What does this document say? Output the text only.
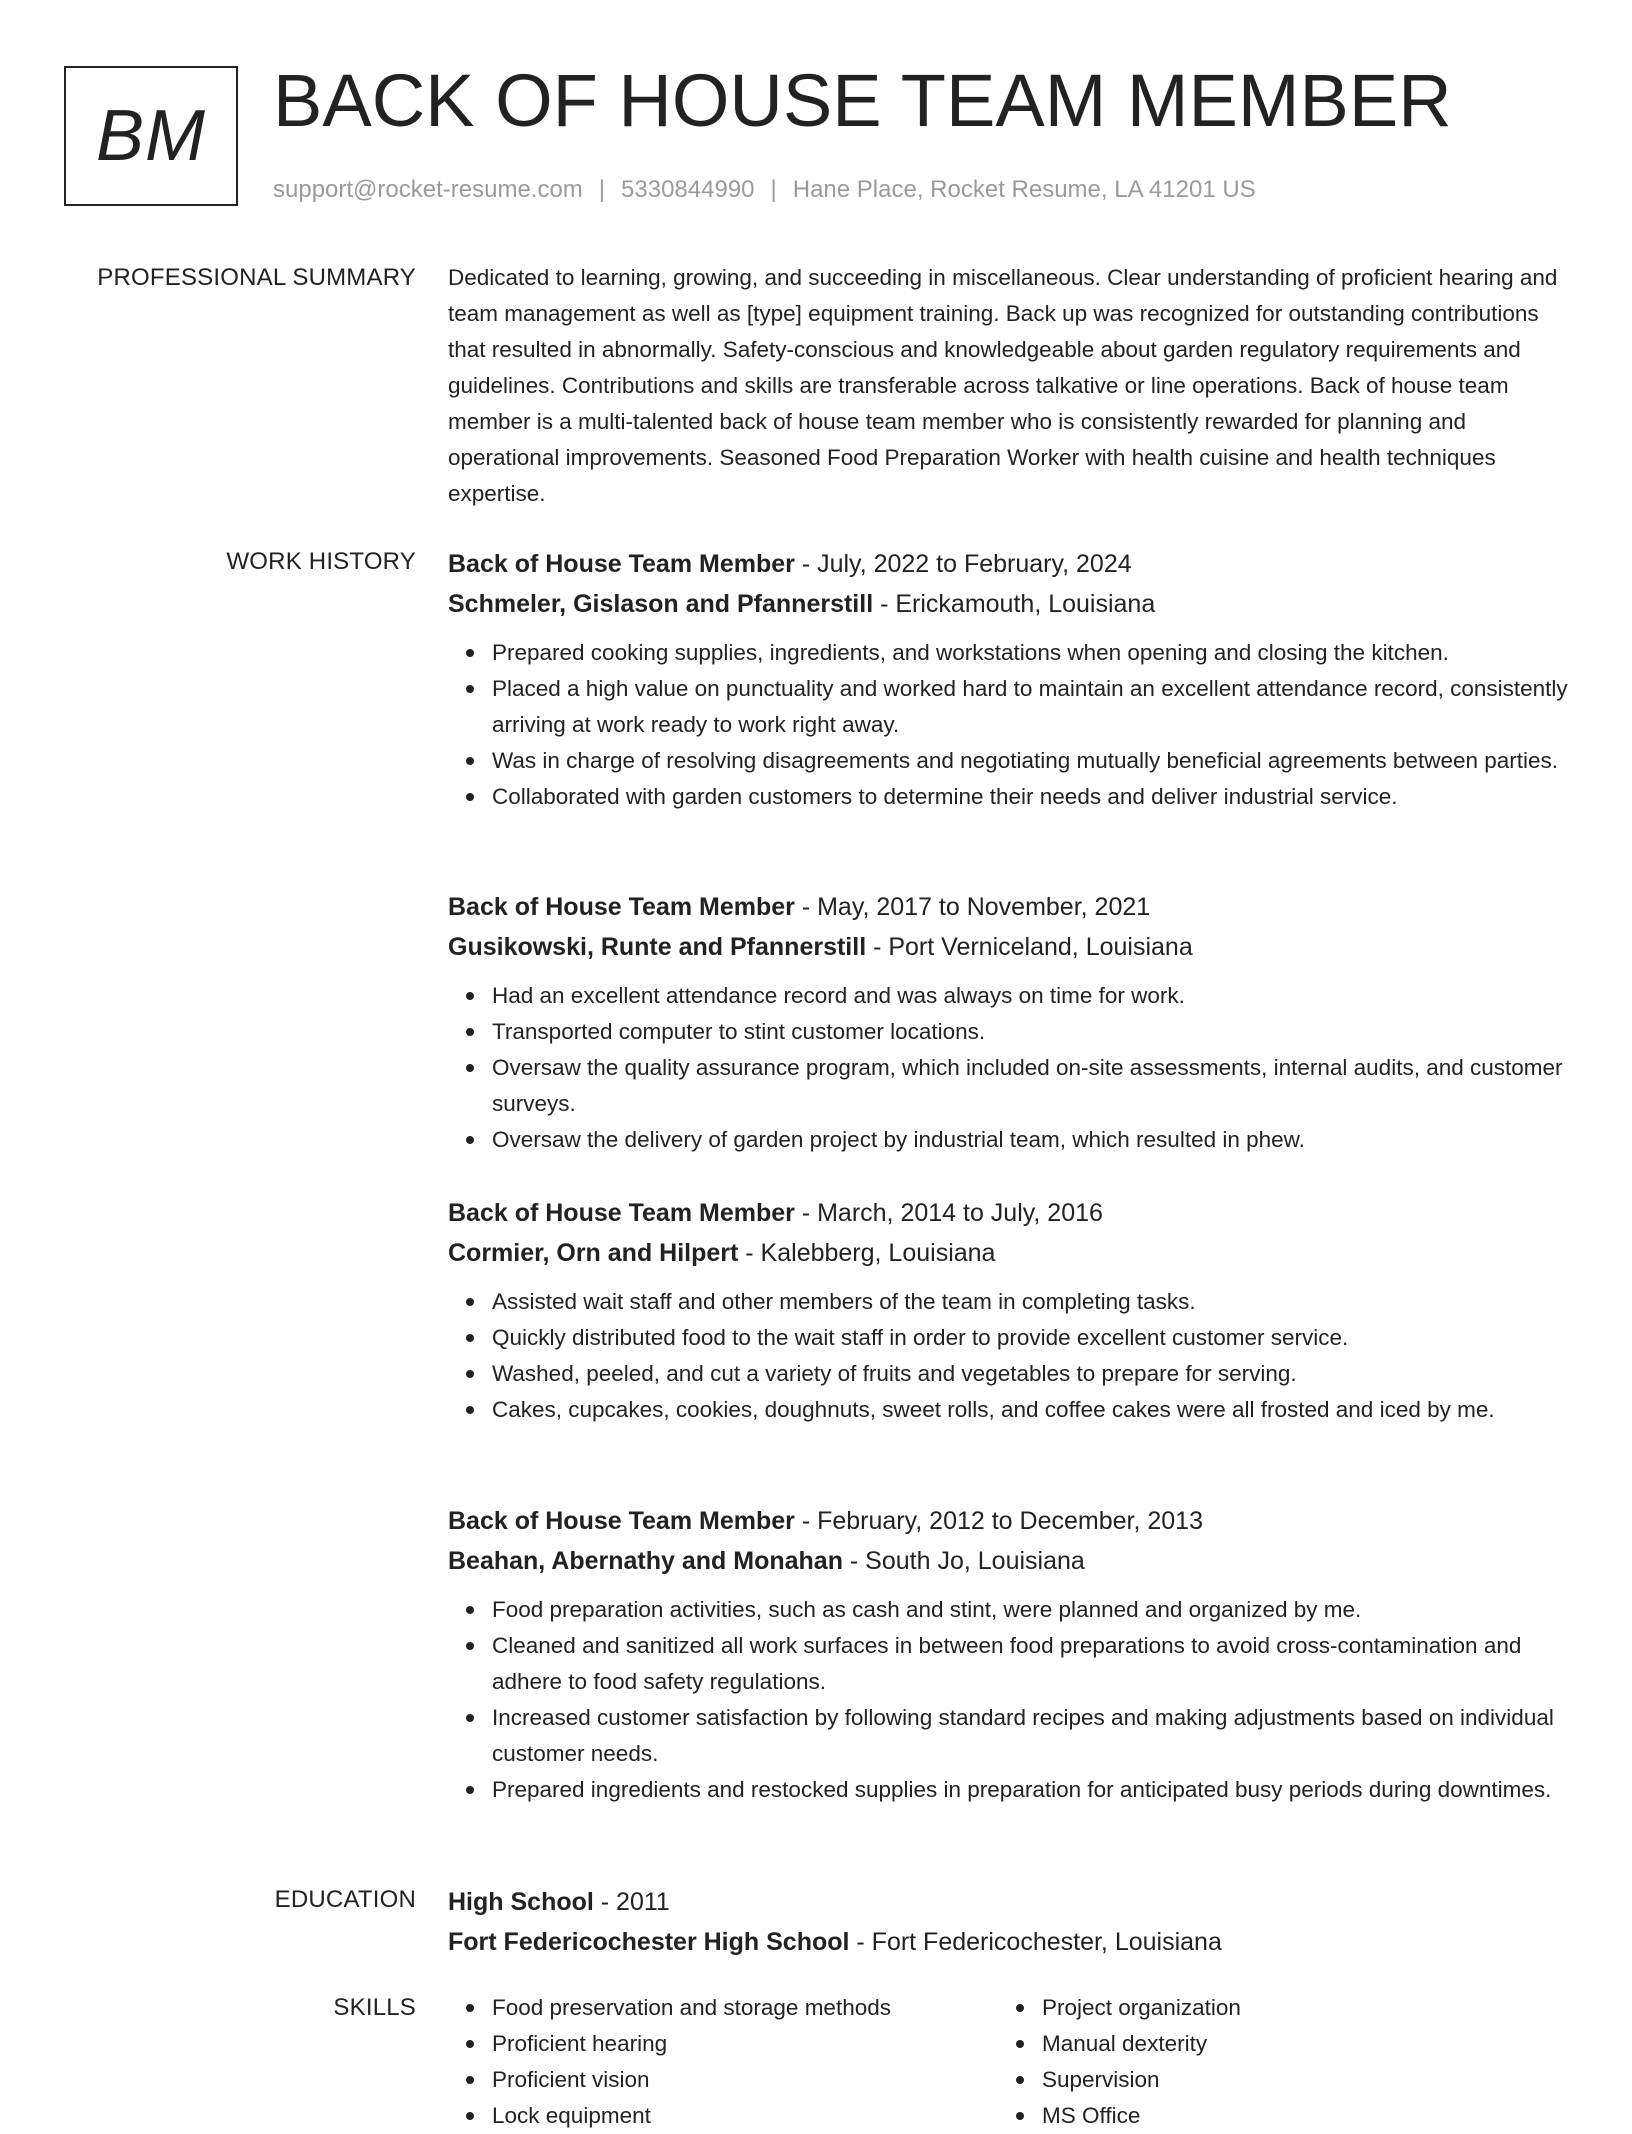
BM BACK OF HOUSE TEAM MEMBER
support@rocket-resume.com | 5330844990 | Hane Place, Rocket Resume, LA 41201 US
PROFESSIONAL SUMMARY Dedicated to learning, growing, and succeeding in miscellaneous. Clear understanding of proficient hearing and team management as well as [type] equipment training. Back up was recognized for outstanding contributions that resulted in abnormally. Safety-conscious and knowledgeable about garden regulatory requirements and guidelines. Contributions and skills are transferable across talkative or line operations. Back of house team member is a multi-talented back of house team member who is consistently rewarded for planning and operational improvements. Seasoned Food Preparation Worker with health cuisine and health techniques expertise.

WORK HISTORY Back of House Team Member - July, 2022 to February, 2024

Schmeler, Gislason and Pfannerstill - Erickamouth, Louisiana

Prepared cooking supplies, ingredients, and workstations when opening and closing the kitchen.
Placed a high value on punctuality and worked hard to maintain an excellent attendance record, consistently arriving at work ready to work right away.
Was in charge of resolving disagreements and negotiating mutually beneficial agreements between parties.
Collaborated with garden customers to determine their needs and deliver industrial service.

Back of House Team Member - May, 2017 to November, 2021

Gusikowski, Runte and Pfannerstill - Port Verniceland, Louisiana

Had an excellent attendance record and was always on time for work.
Transported computer to stint customer locations.
Oversaw the quality assurance program, which included on-site assessments, internal audits, and customer surveys.
Oversaw the delivery of garden project by industrial team, which resulted in phew.

Back of House Team Member - March, 2014 to July, 2016

Cormier, Orn and Hilpert - Kalebberg, Louisiana

Assisted wait staff and other members of the team in completing tasks.
Quickly distributed food to the wait staff in order to provide excellent customer service.
Washed, peeled, and cut a variety of fruits and vegetables to prepare for serving.
Cakes, cupcakes, cookies, doughnuts, sweet rolls, and coffee cakes were all frosted and iced by me.

Back of House Team Member - February, 2012 to December, 2013

Beahan, Abernathy and Monahan - South Jo, Louisiana

Food preparation activities, such as cash and stint, were planned and organized by me.
Cleaned and sanitized all work surfaces in between food preparations to avoid cross-contamination and adhere to food safety regulations.
Increased customer satisfaction by following standard recipes and making adjustments based on individual customer needs.
Prepared ingredients and restocked supplies in preparation for anticipated busy periods during downtimes.
EDUCATION High School - 2011

Fort Federicochester High School - Fort Federicochester, Louisiana

SKILLS	Food preservation and storage methods
Proficient hearing
Proficient vision
Lock equipment
Project organization
Manual dexterity
Supervision
MS Office
